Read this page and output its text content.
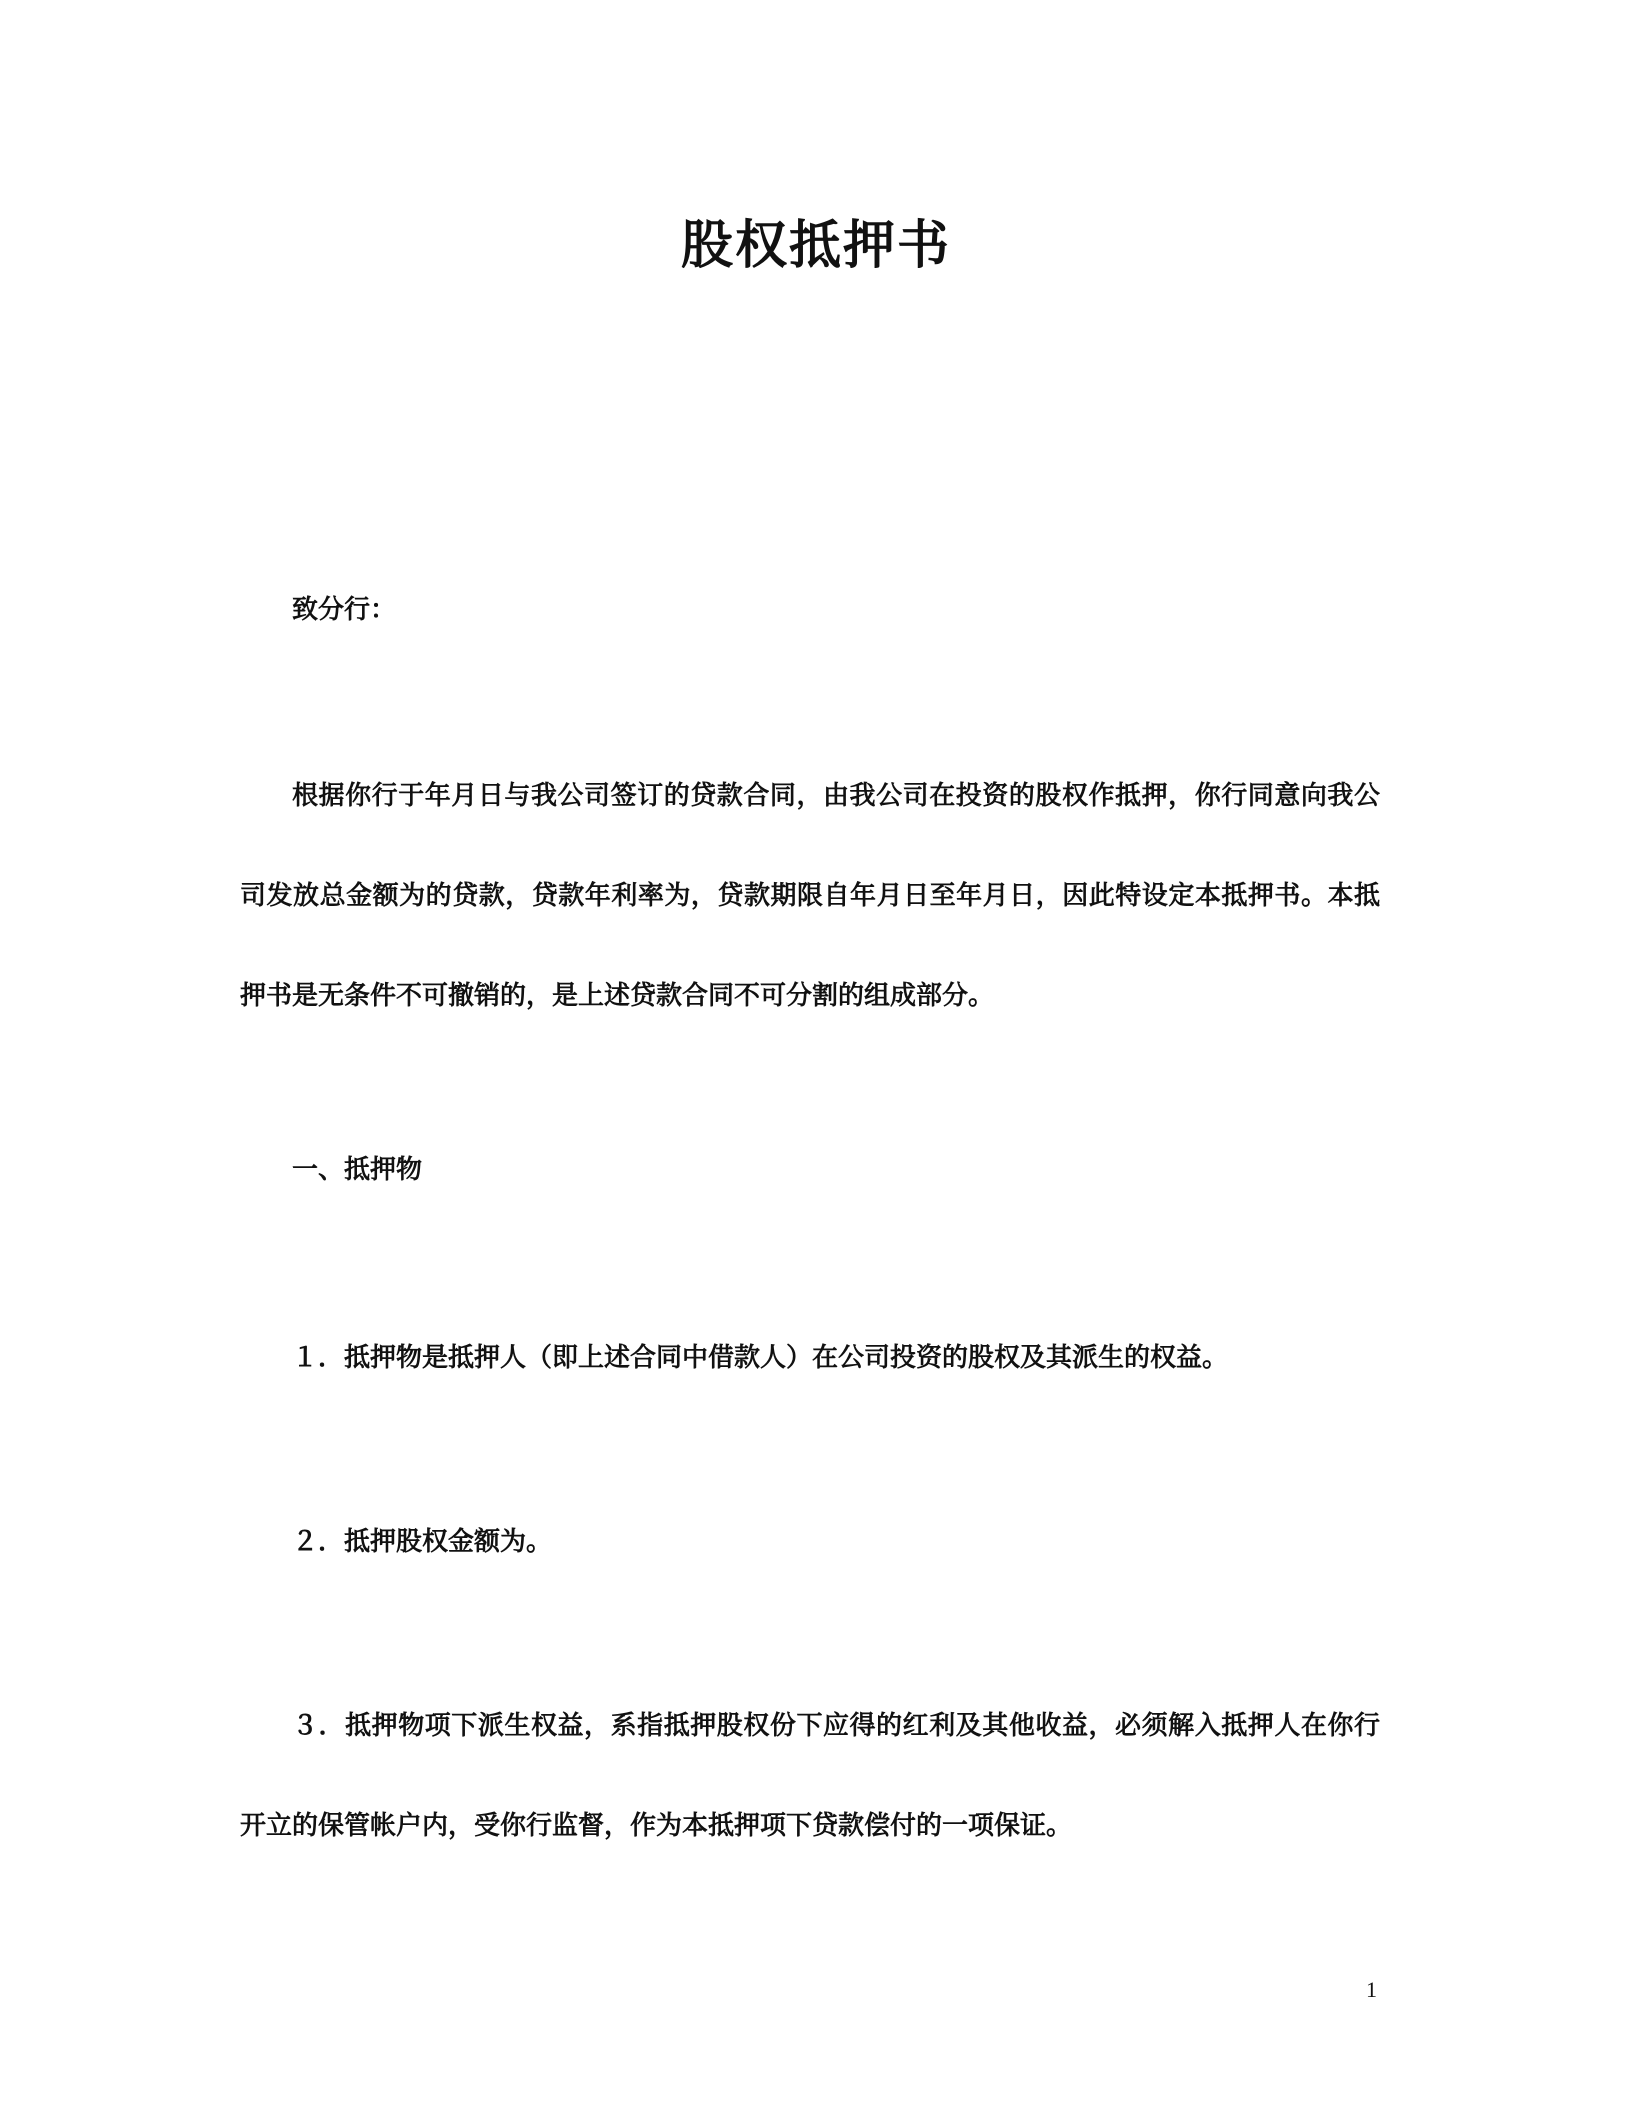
股权抵押书
致分行：
根据你行于年月日与我公司签订的贷款合同，由我公司在投资的股权作抵押，你行同意向我公司发放总金额为的贷款，贷款年利率为，贷款期限自年月日至年月日，因此特设定本抵押书。本抵押书是无条件不可撤销的，是上述贷款合同不可分割的组成部分。
一、抵押物
１．抵押物是抵押人（即上述合同中借款人）在公司投资的股权及其派生的权益。
２．抵押股权金额为。
３．抵押物项下派生权益，系指抵押股权份下应得的红利及其他收益，必须解入抵押人在你行开立的保管帐户内，受你行监督，作为本抵押项下贷款偿付的一项保证。
1
